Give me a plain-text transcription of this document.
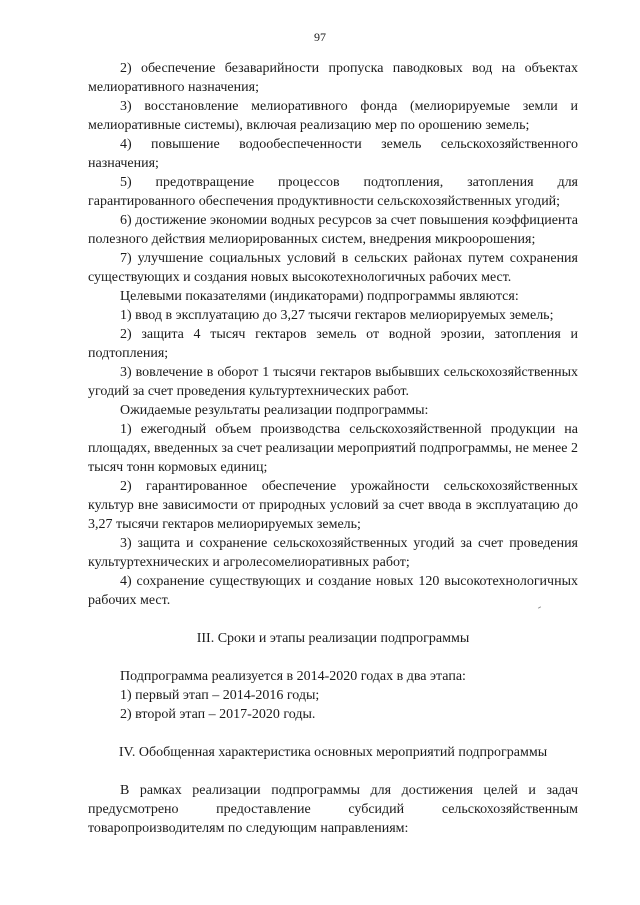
97

2) обеспечение безаварийности пропуска паводковых вод на объектах мелиоративного назначения;

3) восстановление мелиоративного фонда (мелиорируемые земли и мелиоративные системы), включая реализацию мер по орошению земель;

4) повышение водообеспеченности земель сельскохозяйственного назначения;

5) предотвращение процессов подтопления, затопления для гарантированного обеспечения продуктивности сельскохозяйственных угодий;

6) достижение экономии водных ресурсов за счет повышения коэффициента полезного действия мелиорированных систем, внедрения микроорошения;

7) улучшение социальных условий в сельских районах путем сохранения существующих и создания новых высокотехнологичных рабочих мест.

Целевыми показателями (индикаторами) подпрограммы являются:

1) ввод в эксплуатацию до 3,27 тысячи гектаров мелиорируемых земель;

2) защита 4 тысяч гектаров земель от водной эрозии, затопления и подтопления;

3) вовлечение в оборот 1 тысячи гектаров выбывших сельскохозяйственных угодий за счет проведения культуртехнических работ.

Ожидаемые результаты реализации подпрограммы:

1) ежегодный объем производства сельскохозяйственной продукции на площадях, введенных за счет реализации мероприятий подпрограммы, не менее 2 тысяч тонн кормовых единиц;

2) гарантированное обеспечение урожайности сельскохозяйственных культур вне зависимости от природных условий за счет ввода в эксплуатацию до 3,27 тысячи гектаров мелиорируемых земель;

3) защита и сохранение сельскохозяйственных угодий за счет проведения культуртехнических и агролесомелиоративных работ;

4) сохранение существующих и создание новых 120 высокотехнологичных рабочих мест.

III. Сроки и этапы реализации подпрограммы

Подпрограмма реализуется в 2014-2020 годах в два этапа:

1) первый этап – 2014-2016 годы;

2) второй этап – 2017-2020 годы.

IV. Обобщенная характеристика основных мероприятий подпрограммы

В рамках реализации подпрограммы для достижения целей и задач предусмотрено предоставление субсидий сельскохозяйственным товаропроизводителям по следующим направлениям:
